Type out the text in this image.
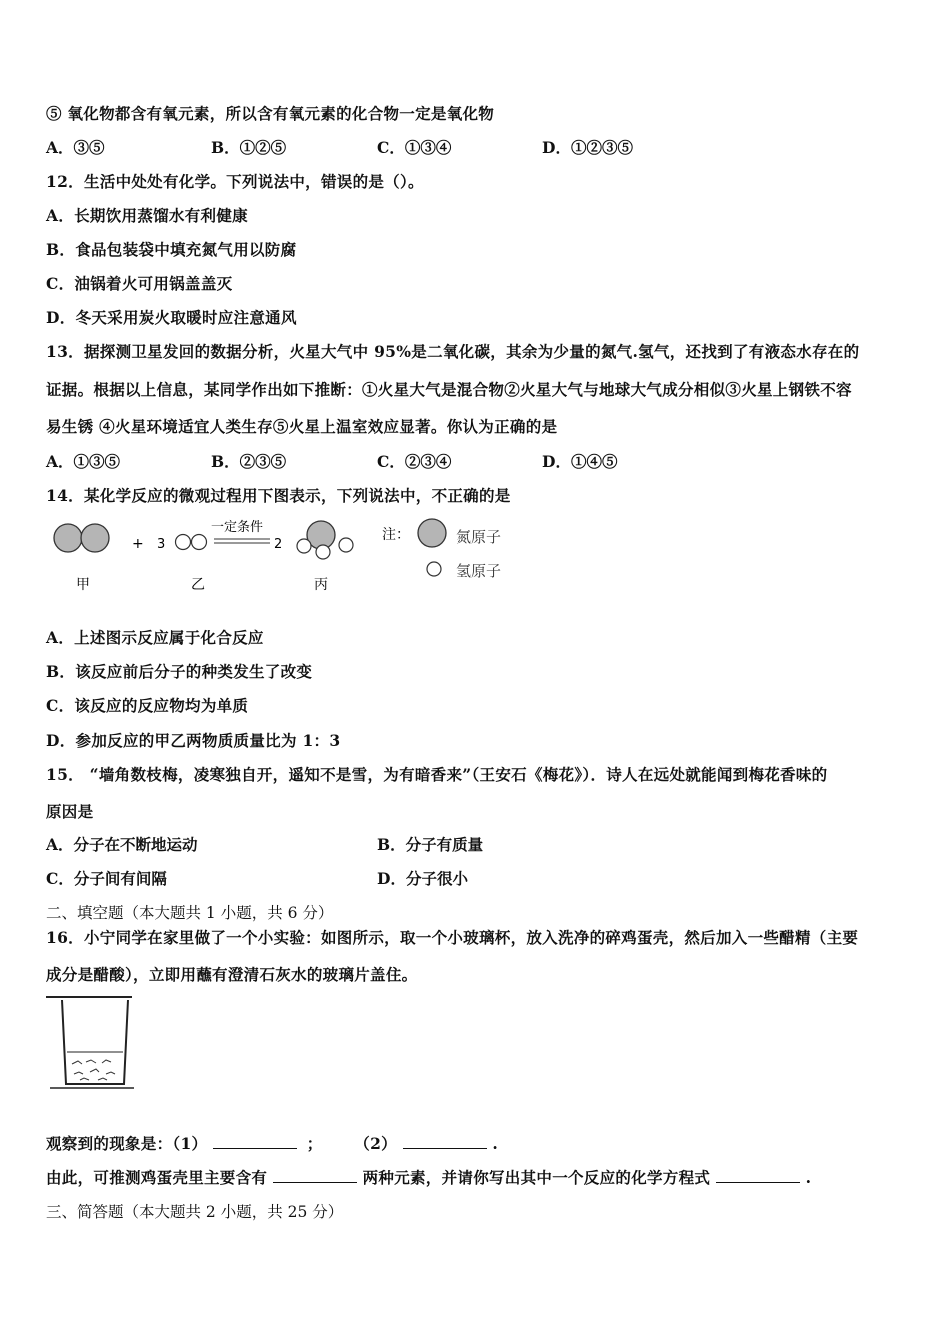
⑤ 氧化物都含有氧元素，所以含有氧元素的化合物一定是氧化物
A．③⑤	B．①②⑤	C．①③④	D．①②③⑤
12．生活中处处有化学。下列说法中，错误的是（）。
A．长期饮用蒸馏水有利健康
B．食品包装袋中填充氮气用以防腐
C．油锅着火可用锅盖盖灭
D．冬天采用炭火取暖时应注意通风
13．据探测卫星发回的数据分析，火星大气中 95%是二氧化碳，其余为少量的氮气.氢气，还找到了有液态水存在的
证据。根据以上信息，某同学作出如下推断：①火星大气是混合物②火星大气与地球大气成分相似③火星上钢铁不容
易生锈 ④火星环境适宜人类生存⑤火星上温室效应显著。你认为正确的是
A．①③⑤	B．②③⑤	C．②③④	D．①④⑤
14．某化学反应的微观过程用下图表示，下列说法中，不正确的是
+ 3
一定条件
2
甲	乙	丙
注：	氮原子
氢原子
A．上述图示反应属于化合反应
B．该反应前后分子的种类发生了改变
C．该反应的反应物均为单质
D．参加反应的甲乙两物质质量比为 1：3
15． “墙角数枝梅，凌寒独自开，遥知不是雪，为有暗香来”（王安石《梅花》）．诗人在远处就能闻到梅花香味的
原因是
A．分子在不断地运动	B．分子有质量
C．分子间有间隔	D．分子很小
二、填空题（本大题共 1 小题，共 6 分）
16．小宁同学在家里做了一个小实验：如图所示，取一个小玻璃杯，放入洗净的碎鸡蛋壳，然后加入一些醋精（主要
成分是醋酸），立即用蘸有澄清石灰水的玻璃片盖住。
观察到的现象是：（1）	； （2）	.
由此，可推测鸡蛋壳里主要含有	两种元素，并请你写出其中一个反应的化学方程式	.
三、简答题（本大题共 2 小题，共 25 分）
